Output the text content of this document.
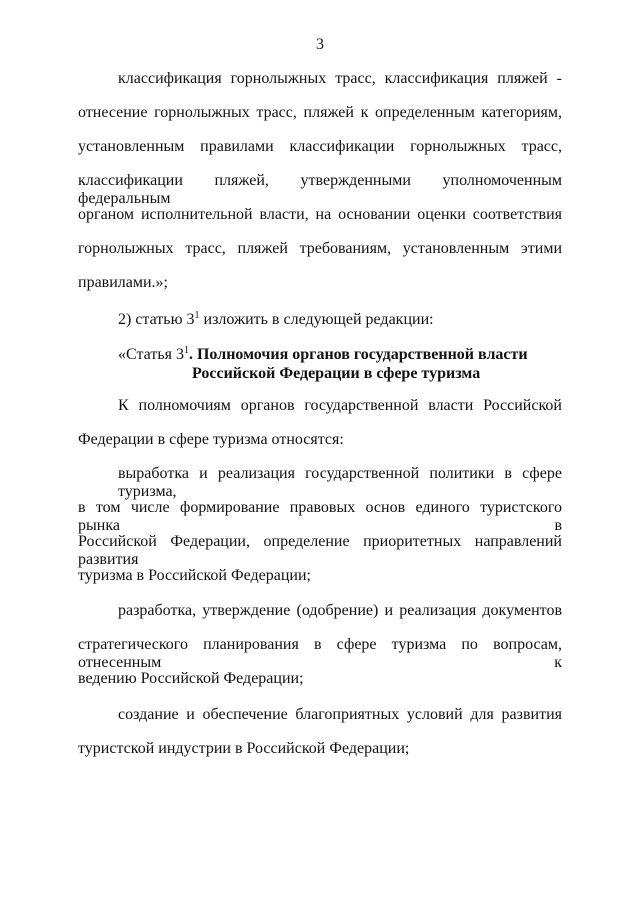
3

классификация горнолыжных трасс, классификация пляжей -

отнесение горнолыжных трасс, пляжей к определенным категориям,

установленным правилами классификации горнолыжных трасс,

классификации пляжей, утвержденными уполномоченным федеральным

органом исполнительной власти, на основании оценки соответствия

горнолыжных трасс, пляжей требованиям, установленным этими

правилами.»;

2) статью $3^1$ изложить в следующей редакции:

«Статья $3^1$. Полномочия органов государственной власти
Российской Федерации в сфере туризма

К полномочиям органов государственной власти Российской

Федерации в сфере туризма относятся:

выработка и реализация государственной политики в сфере туризма,

в том числе формирование правовых основ единого туристского рынка в

Российской Федерации, определение приоритетных направлений развития

туризма в Российской Федерации;

разработка, утверждение (одобрение) и реализация документов

стратегического планирования в сфере туризма по вопросам, отнесенным к

ведению Российской Федерации;

создание и обеспечение благоприятных условий для развития

туристской индустрии в Российской Федерации;
